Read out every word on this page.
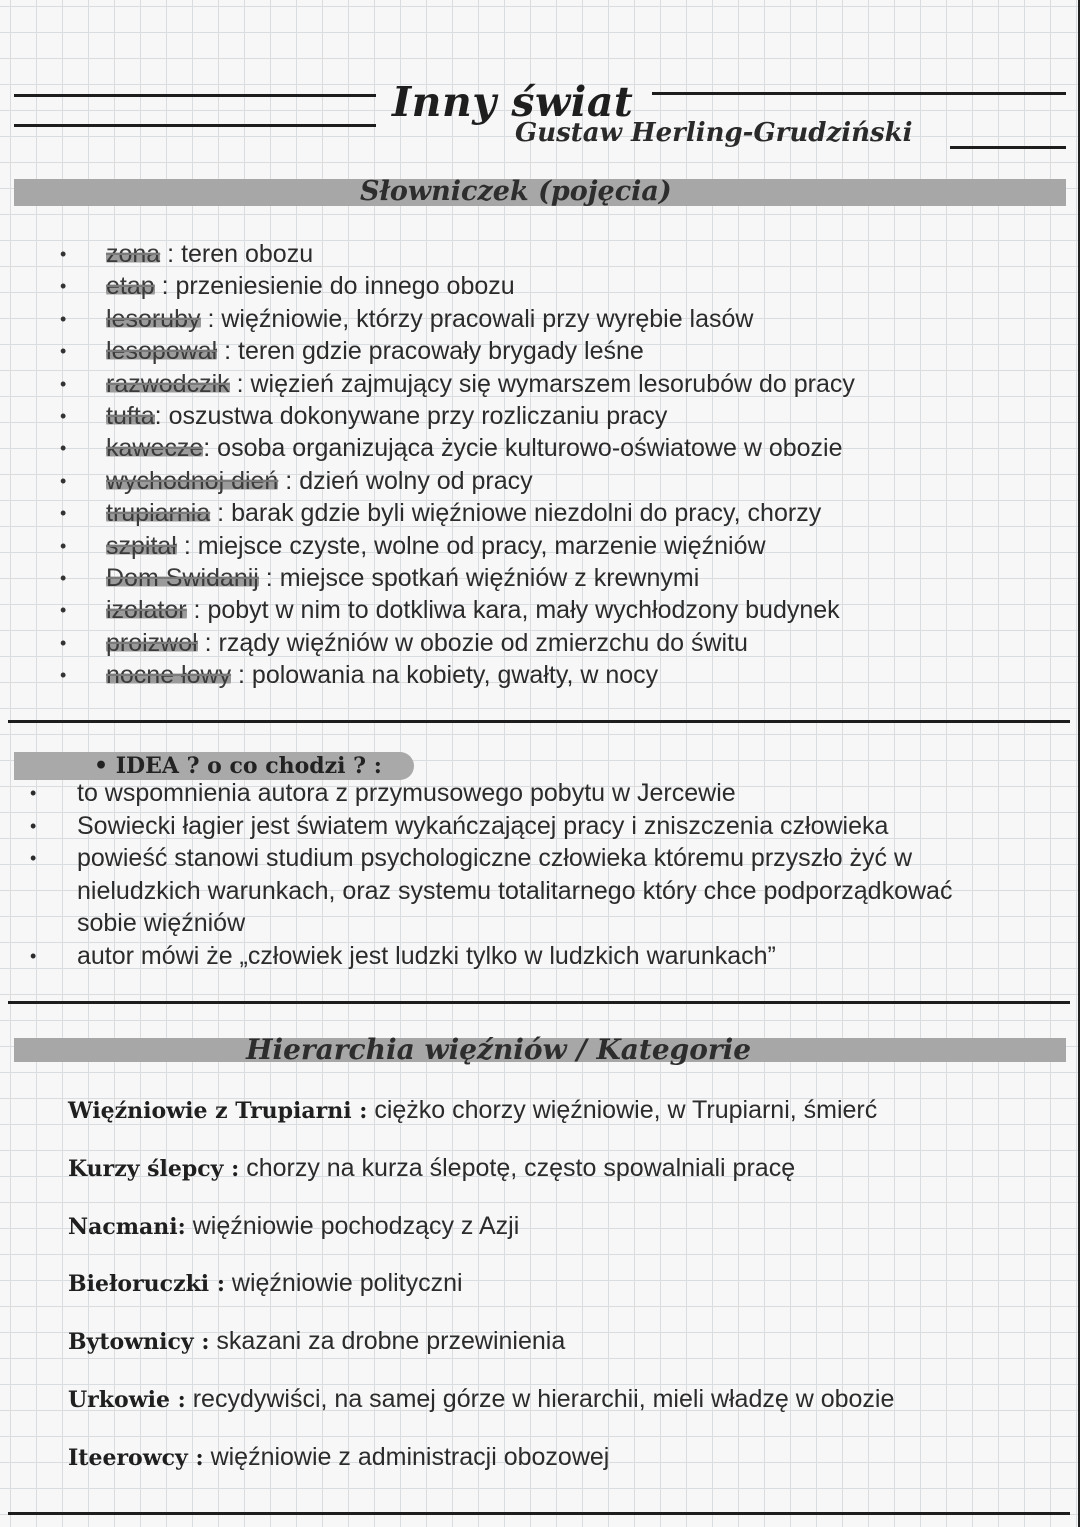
Inny świat
Gustaw Herling-Grudziński
Słowniczek (pojęcia)
• zona : teren obozu
• etap : przeniesienie do innego obozu
• lesoruby : więźniowie, którzy pracowali przy wyrębie lasów
• lesopował : teren gdzie pracowały brygady leśne
• razwodczik : więzień zajmujący się wymarszem lesorubów do pracy
• tufta: oszustwa dokonywane przy rozliczaniu pracy
• kawecze: osoba organizująca życie kulturowo-oświatowe w obozie
• wychodnoj dień : dzień wolny od pracy
• trupiarnia : barak gdzie byli więźniowe niezdolni do pracy, chorzy
• szpitał : miejsce czyste, wolne od pracy, marzenie więźniów
• Dom Swidanij : miejsce spotkań więźniów z krewnymi
• izolator : pobyt w nim to dotkliwa kara, mały wychłodzony budynek
• proizwoł : rządy więźniów w obozie od zmierzchu do świtu
• nocne łowy : polowania na kobiety, gwałty, w nocy
• IDEA ? o co chodzi ? :
• to wspomnienia autora z przymusowego pobytu w Jercewie
• Sowiecki łagier jest światem wykańczającej pracy i zniszczenia człowieka
• powieść stanowi studium psychologiczne człowieka któremu przyszło żyć w nieludzkich warunkach, oraz systemu totalitarnego który chce podporządkować sobie więźniów
• autor mówi że „człowiek jest ludzki tylko w ludzkich warunkach”
Hierarchia więźniów / Kategorie
Więźniowie z Trupiarni : ciężko chorzy więźniowie, w Trupiarni, śmierć
Kurzy ślepcy : chorzy na kurza ślepotę, często spowalniali pracę
Nacmani: więźniowie pochodzący z Azji
Biełoruczki : więźniowie polityczni
Bytownicy : skazani za drobne przewinienia
Urkowie : recydywiści, na samej górze w hierarchii, mieli władzę w obozie
Iteerowcy : więźniowie z administracji obozowej
